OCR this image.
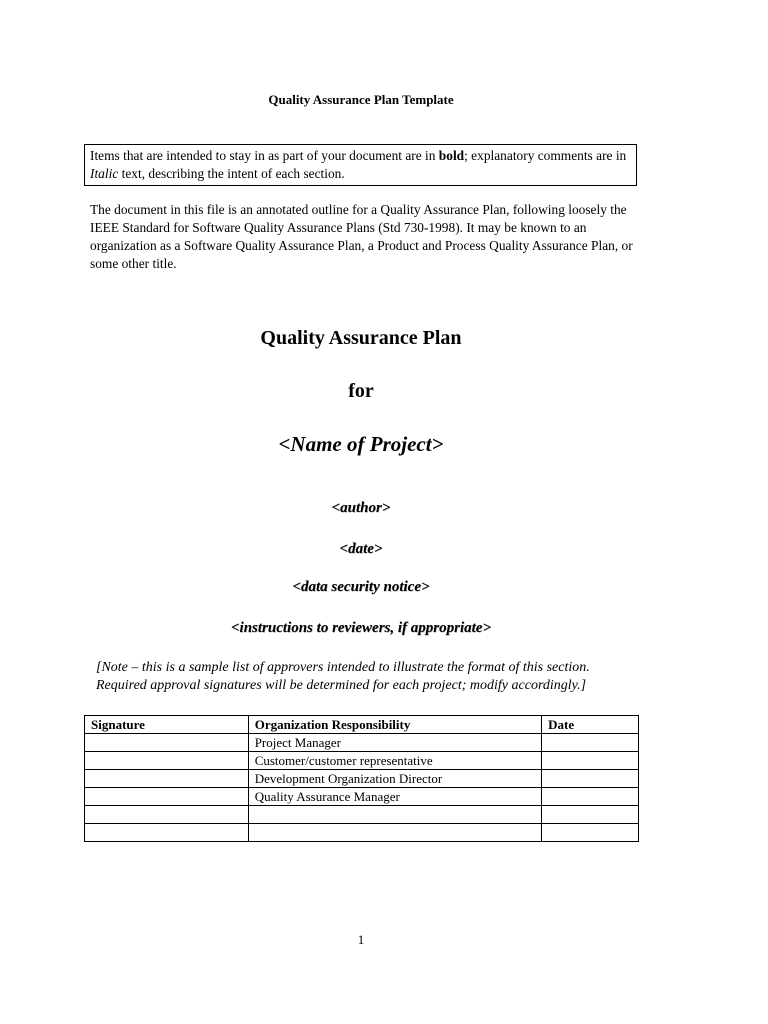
Quality Assurance Plan Template
Items that are intended to stay in as part of your document are in bold; explanatory comments are in Italic text, describing the intent of each section.
The document in this file is an annotated outline for a Quality Assurance Plan, following loosely the IEEE Standard for Software Quality Assurance Plans (Std 730-1998). It may be known to an organization as a Software Quality Assurance Plan, a Product and Process Quality Assurance Plan, or some other title.
Quality Assurance Plan
for
<Name of Project>
<author>
<date>
<data security notice>
<instructions to reviewers, if appropriate>
[Note – this is a sample list of approvers intended to illustrate the format of this section.
Required approval signatures will be determined for each project; modify accordingly.]
Signature	Organization Responsibility	Date
	Project Manager	
	Customer/customer representative	
	Development Organization Director	
	Quality Assurance Manager	

1
